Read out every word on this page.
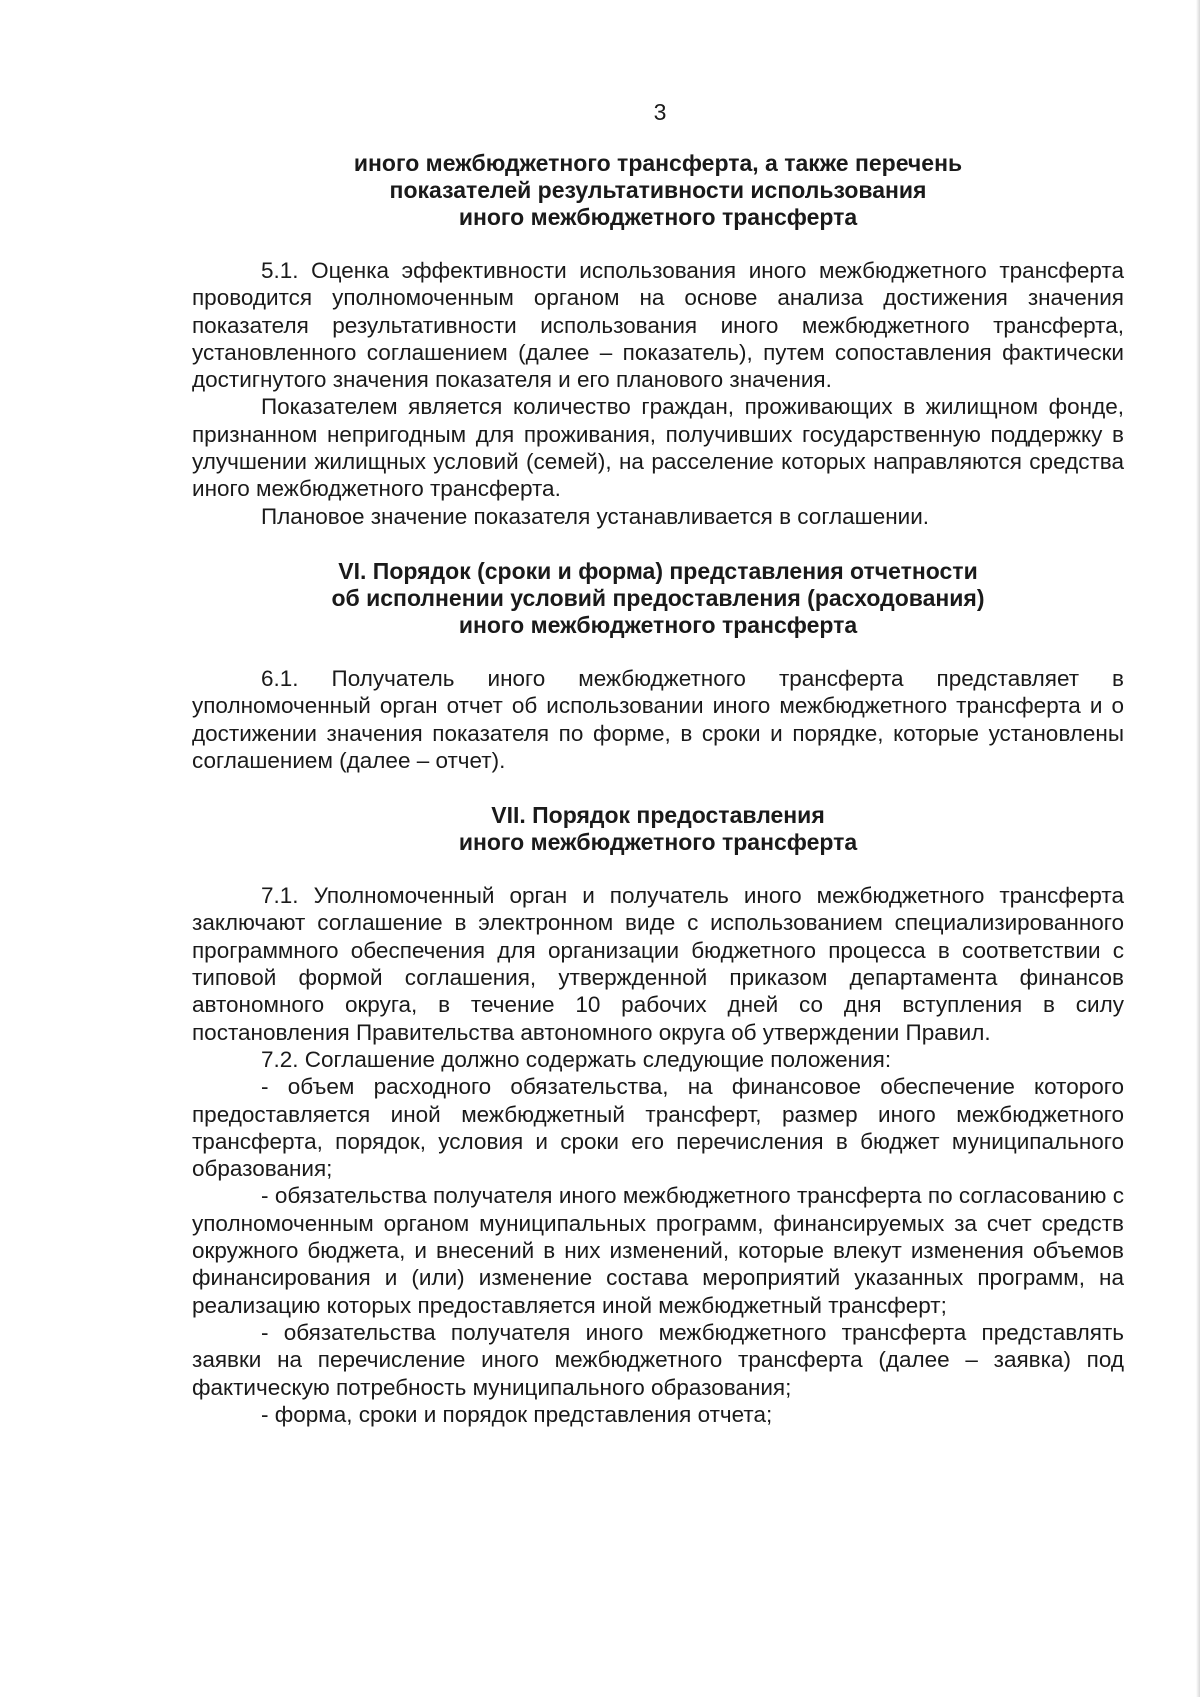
3
иного межбюджетного трансферта, а также перечень
показателей результативности использования
иного межбюджетного трансферта

5.1. Оценка эффективности использования иного межбюджетного трансферта проводится уполномоченным органом на основе анализа достижения значения показателя результативности использования иного межбюджетного трансферта, установленного соглашением (далее – показатель), путем сопоставления фактически достигнутого значения показателя и его планового значения.

Показателем является количество граждан, проживающих в жилищном фонде, признанном непригодным для проживания, получивших государственную поддержку в улучшении жилищных условий (семей), на расселение которых направляются средства иного межбюджетного трансферта.

Плановое значение показателя устанавливается в соглашении.

VI. Порядок (сроки и форма) представления отчетности
об исполнении условий предоставления (расходования)
иного межбюджетного трансферта

6.1. Получатель иного межбюджетного трансферта представляет в уполномоченный орган отчет об использовании иного межбюджетного трансферта и о достижении значения показателя по форме, в сроки и порядке, которые установлены соглашением (далее – отчет).

VII. Порядок предоставления
иного межбюджетного трансферта

7.1. Уполномоченный орган и получатель иного межбюджетного трансферта заключают соглашение в электронном виде с использованием специализированного программного обеспечения для организации бюджетного процесса в соответствии с типовой формой соглашения, утвержденной приказом департамента финансов автономного округа, в течение 10 рабочих дней со дня вступления в силу постановления Правительства автономного округа об утверждении Правил.

7.2. Соглашение должно содержать следующие положения:

- объем расходного обязательства, на финансовое обеспечение которого предоставляется иной межбюджетный трансферт, размер иного межбюджетного трансферта, порядок, условия и сроки его перечисления в бюджет муниципального образования;

- обязательства получателя иного межбюджетного трансферта по согласованию с уполномоченным органом муниципальных программ, финансируемых за счет средств окружного бюджета, и внесений в них изменений, которые влекут изменения объемов финансирования и (или) изменение состава мероприятий указанных программ, на реализацию которых предоставляется иной межбюджетный трансферт;

- обязательства получателя иного межбюджетного трансферта представлять заявки на перечисление иного межбюджетного трансферта (далее – заявка) под фактическую потребность муниципального образования;

- форма, сроки и порядок представления отчета;
